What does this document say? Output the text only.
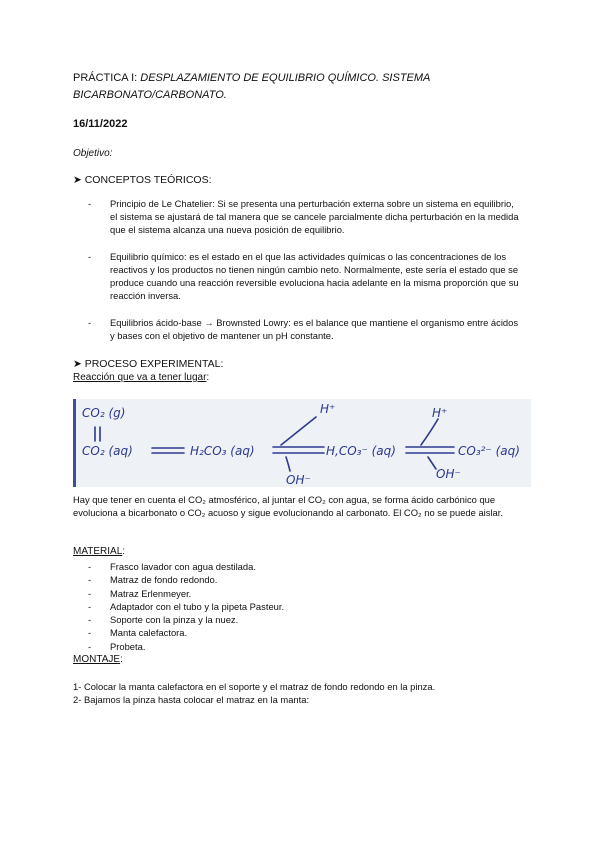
PRÁCTICA I: DESPLAZAMIENTO DE EQUILIBRIO QUÍMICO. SISTEMA BICARBONATO/CARBONATO.
16/11/2022
Objetivo:
➤ CONCEPTOS TEÓRICOS:
- Principio de Le Chatelier: Si se presenta una perturbación externa sobre un sistema en equilibrio, el sistema se ajustará de tal manera que se cancele parcialmente dicha perturbación en la medida que el sistema alcanza una nueva posición de equilibrio.
- Equilibrio químico: es el estado en el que las actividades químicas o las concentraciones de los reactivos y los productos no tienen ningún cambio neto. Normalmente, este sería el estado que se produce cuando una reacción reversible evoluciona hacia adelante en la misma proporción que su reacción inversa.
- Equilibrios ácido-base → Brownsted Lowry: es el balance que mantiene el organismo entre ácidos y bases con el objetivo de mantener un pH constante.
➤ PROCESO EXPERIMENTAL:
Reacción que va a tener lugar:
CO₂ (g)
CO₂ (aq)	H₂CO₃ (aq)	H,CO₃⁻ (aq)	CO₃²⁻ (aq)
H⁺
OH⁻
H⁺
OH⁻
Hay que tener en cuenta el CO₂ atmosférico, al juntar el CO₂ con agua, se forma ácido carbónico que evoluciona a bicarbonato o CO₂ acuoso y sigue evolucionando al carbonato. El CO₂ no se puede aislar.
MATERIAL:
- Frasco lavador con agua destilada.
- Matraz de fondo redondo.
- Matraz Erlenmeyer.
- Adaptador con el tubo y la pipeta Pasteur.
- Soporte con la pinza y la nuez.
- Manta calefactora.
- Probeta.
MONTAJE:
1- Colocar la manta calefactora en el soporte y el matraz de fondo redondo en la pinza.
2- Bajamos la pinza hasta colocar el matraz en la manta:
